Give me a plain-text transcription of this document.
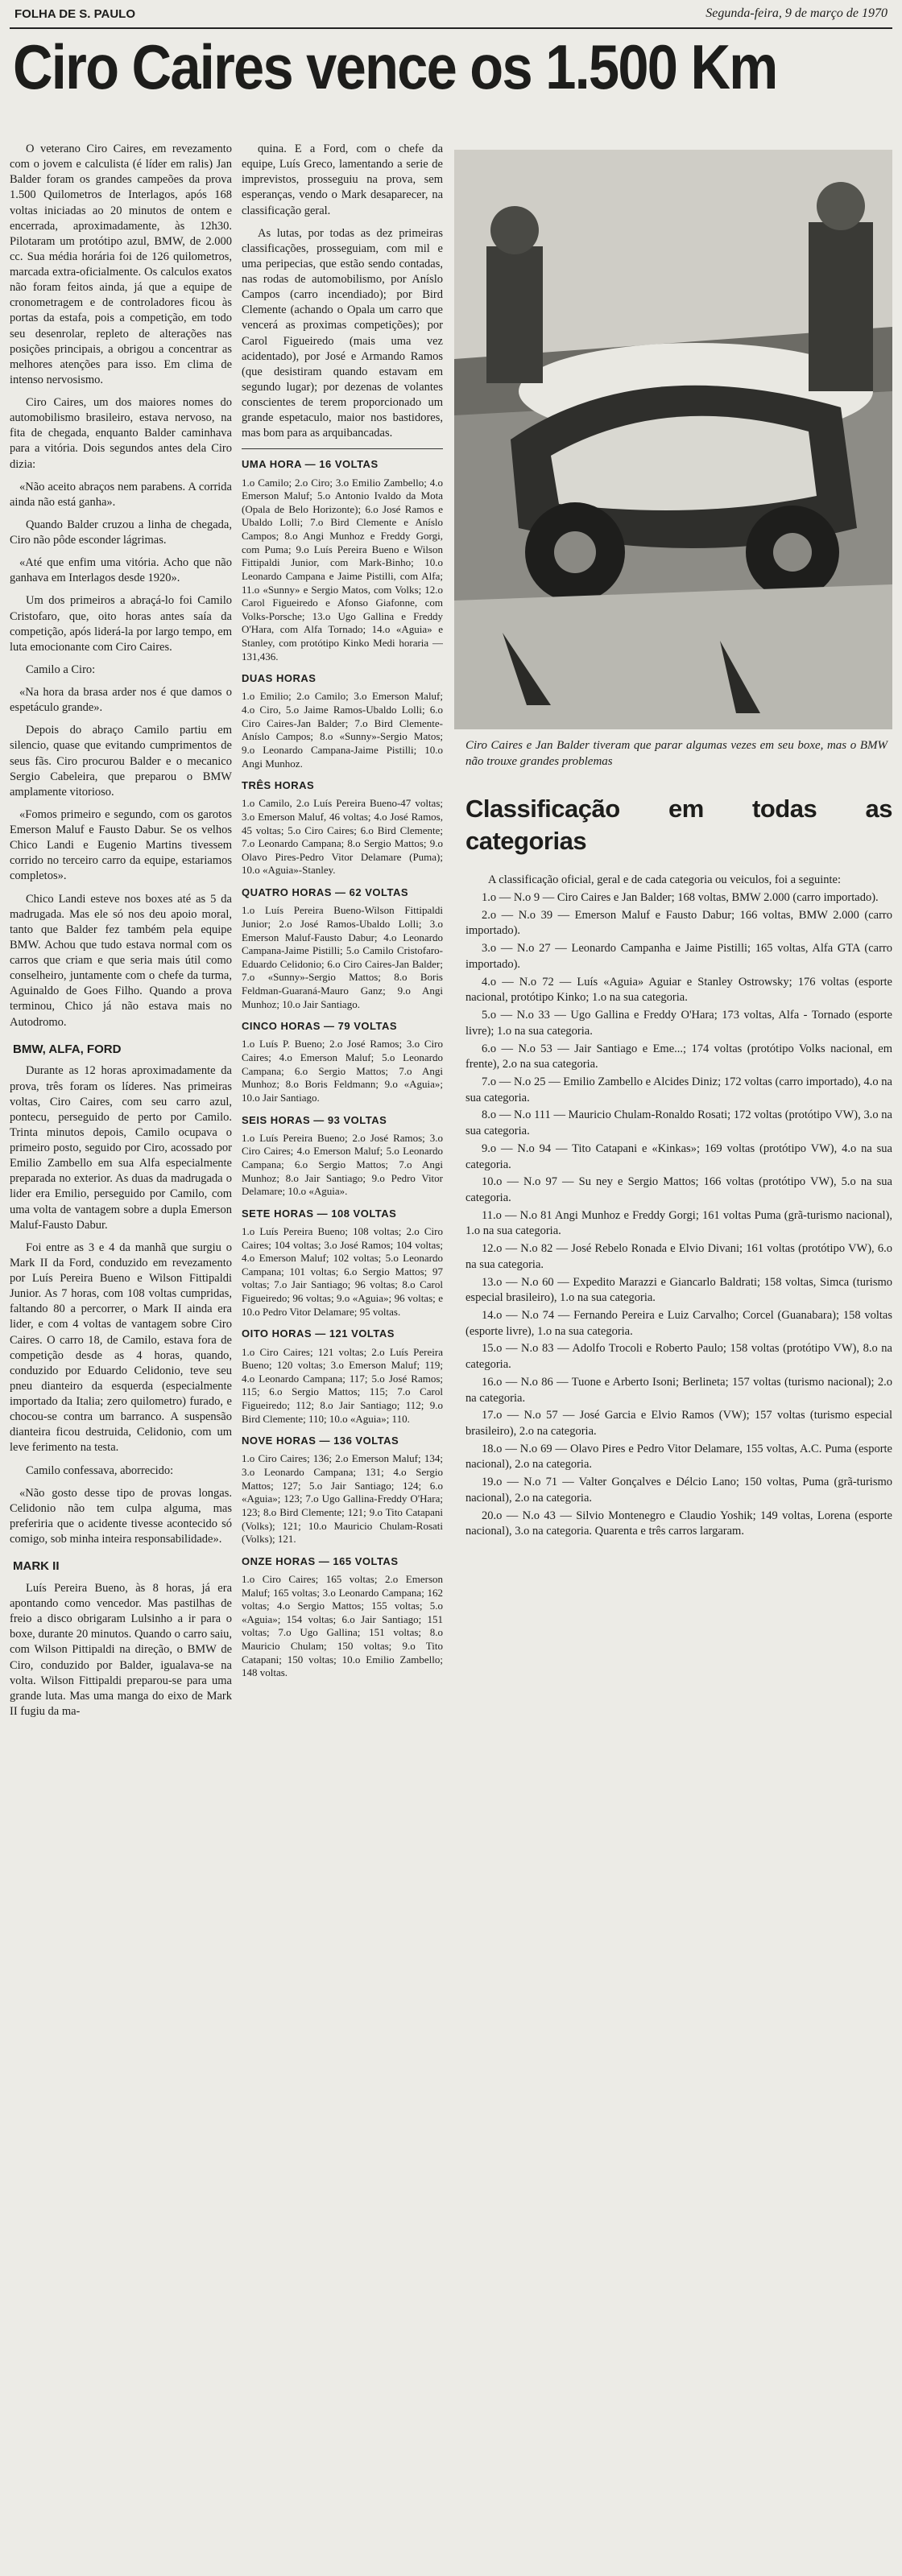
FOLHA DE S. PAULO	Segunda-feira, 9 de março de 1970
Ciro Caires vence os 1.500 Km

O veterano Ciro Caires, em revezamento com o jovem e calculista (é líder em ralis) Jan Balder foram os grandes campeões da prova 1.500 Quilometros de Interlagos, após 168 voltas iniciadas ao 20 minutos de ontem e encerrada, aproximadamente, às 12h30. Pilotaram um protótipo azul, BMW, de 2.000 cc. Sua média horária foi de 126 quilometros, marcada extra-oficialmente. Os calculos exatos não foram feitos ainda, já que a equipe de cronometragem e de controladores ficou às portas da estafa, pois a competição, em todo seu desenrolar, repleto de alterações nas posições principais, a obrigou a concentrar as melhores atenções para isso. Em clima de intenso nervosismo.

Ciro Caires, um dos maiores nomes do automobilismo brasileiro, estava nervoso, na fita de chegada, enquanto Balder caminhava para a vitória. Dois segundos antes dela Ciro dizia:

«Não aceito abraços nem parabens. A corrida ainda não está ganha».

Quando Balder cruzou a linha de chegada, Ciro não pôde esconder lágrimas.

«Até que enfim uma vitória. Acho que não ganhava em Interlagos desde 1920».

Um dos primeiros a abraçá-lo foi Camilo Cristofaro, que, oito horas antes saía da competição, após liderá-la por largo tempo, em luta emocionante com Ciro Caires.

Camilo a Ciro:

«Na hora da brasa arder nos é que damos o espetáculo grande».

Depois do abraço Camilo partiu em silencio, quase que evitando cumprimentos de seus fãs. Ciro procurou Balder e o mecanico Sergio Cabeleira, que preparou o BMW amplamente vitorioso.

«Fomos primeiro e segundo, com os garotos Emerson Maluf e Fausto Dabur. Se os velhos Chico Landi e Eugenio Martins tivessem corrido no terceiro carro da equipe, estariamos completos».

Chico Landi esteve nos boxes até as 5 da madrugada. Mas ele só nos deu apoio moral, tanto que Balder fez também pela equipe BMW. Achou que tudo estava normal com os carros que criam e que seria mais útil como conselheiro, juntamente com o chefe da turma, Aguinaldo de Goes Filho. Quando a prova terminou, Chico já não estava mais no Autodromo.

BMW, ALFA, FORD

Durante as 12 horas aproximadamente da prova, três foram os líderes. Nas primeiras voltas, Ciro Caires, com seu carro azul, pontecu, perseguido de perto por Camilo. Trinta minutos depois, Camilo ocupava o primeiro posto, seguido por Ciro, acossado por Emilio Zambello em sua Alfa especialmente preparada no exterior. As duas da madrugada o lider era Emilio, perseguido por Camilo, com uma volta de vantagem sobre a dupla Emerson Maluf-Fausto Dabur.

Foi entre as 3 e 4 da manhã que surgiu o Mark II da Ford, conduzido em revezamento por Luís Pereira Bueno e Wilson Fittipaldi Junior. As 7 horas, com 108 voltas cumpridas, faltando 80 a percorrer, o Mark II ainda era lider, e com 4 voltas de vantagem sobre Ciro Caires. O carro 18, de Camilo, estava fora de competição desde as 4 horas, quando, conduzido por Eduardo Celidonio, teve seu pneu dianteiro da esquerda (especialmente importado da Italia; zero quilometro) furado, e chocou-se contra um barranco. A suspensão dianteira ficou destruida, Celidonio, com um leve ferimento na testa.

Camilo confessava, aborrecido:

«Não gosto desse tipo de provas longas. Celidonio não tem culpa alguma, mas preferiria que o acidente tivesse acontecido só comigo, sob minha inteira responsabilidade».

MARK II

Luís Pereira Bueno, às 8 horas, já era apontando como vencedor. Mas pastilhas de freio a disco obrigaram Lulsinho a ir para o boxe, durante 20 minutos. Quando o carro saiu, com Wilson Pittipaldi na direção, o BMW de Ciro, conduzido por Balder, igualava-se na volta. Wilson Fittipaldi preparou-se para uma grande luta. Mas uma manga do eixo de Mark II fugiu da ma-

quina. E a Ford, com o chefe da equipe, Luís Greco, lamentando a serie de imprevistos, prosseguiu na prova, sem esperanças, vendo o Mark desaparecer, na classificação geral.

As lutas, por todas as dez primeiras classificações, prosseguiam, com mil e uma peripecias, que estão sendo contadas, nas rodas de automobilismo, por Aníslo Campos (carro incendiado); por Bird Clemente (achando o Opala um carro que vencerá as proximas competições); por Carol Figueiredo (mais uma vez acidentado), por José e Armando Ramos (que desistiram quando estavam em segundo lugar); por dezenas de volantes conscientes de terem proporcionado um grande espetaculo, maior nos bastidores, mas bom para as arquibancadas.

UMA HORA — 16 VOLTAS
1.o Camilo; 2.o Ciro; 3.o Emilio Zambello; 4.o Emerson Maluf; 5.o Antonio Ivaldo da Mota (Opala de Belo Horizonte); 6.o José Ramos e Ubaldo Lolli; 7.o Bird Clemente e Aníslo Campos; 8.o Angi Munhoz e Freddy Gorgi, com Puma; 9.o Luís Pereira Bueno e Wilson Fittipaldi Junior, com Mark-Binho; 10.o Leonardo Campana e Jaime Pistilli, com Alfa; 11.o «Sunny» e Sergio Matos, com Volks; 12.o Carol Figueiredo e Afonso Giafonne, com Volks-Porsche; 13.o Ugo Gallina e Freddy O'Hara, com Alfa Tornado; 14.o «Aguia» e Stanley, com protótipo Kinko Medi horaria — 131,436.
DUAS HORAS
1.o Emilio; 2.o Camilo; 3.o Emerson Maluf; 4.o Ciro, 5.o Jaime Ramos-Ubaldo Lolli; 6.o Ciro Caires-Jan Balder; 7.o Bird Clemente-Aníslo Campos; 8.o «Sunny»-Sergio Matos; 9.o Leonardo Campana-Jaime Pistilli; 10.o Angi Munhoz.
TRÊS HORAS
1.o Camilo, 2.o Luís Pereira Bueno-47 voltas; 3.o Emerson Maluf, 46 voltas; 4.o José Ramos, 45 voltas; 5.o Ciro Caires; 6.o Bird Clemente; 7.o Leonardo Campana; 8.o Sergio Mattos; 9.o Olavo Pires-Pedro Vitor Delamare (Puma); 10.o «Aguia»-Stanley.
QUATRO HORAS — 62 VOLTAS
1.o Luís Pereira Bueno-Wilson Fittipaldi Junior; 2.o José Ramos-Ubaldo Lolli; 3.o Emerson Maluf-Fausto Dabur; 4.o Leonardo Campana-Jaime Pistilli; 5.o Camilo Cristofaro-Eduardo Celidonio; 6.o Ciro Caires-Jan Balder; 7.o «Sunny»-Sergio Mattos; 8.o Boris Feldman-Guaraná-Mauro Ganz; 9.o Angi Munhoz; 10.o Jair Santiago.
CINCO HORAS — 79 VOLTAS
1.o Luís P. Bueno; 2.o José Ramos; 3.o Ciro Caires; 4.o Emerson Maluf; 5.o Leonardo Campana; 6.o Sergio Mattos; 7.o Angi Munhoz; 8.o Boris Feldmann; 9.o «Aguia»; 10.o Jair Santiago.
SEIS HORAS — 93 VOLTAS
1.o Luís Pereira Bueno; 2.o José Ramos; 3.o Ciro Caires; 4.o Emerson Maluf; 5.o Leonardo Campana; 6.o Sergio Mattos; 7.o Angi Munhoz; 8.o Jair Santiago; 9.o Pedro Vitor Delamare; 10.o «Aguia».
SETE HORAS — 108 VOLTAS
1.o Luís Pereira Bueno; 108 voltas; 2.o Ciro Caires; 104 voltas; 3.o José Ramos; 104 voltas; 4.o Emerson Maluf; 102 voltas; 5.o Leonardo Campana; 101 voltas; 6.o Sergio Mattos; 97 voltas; 7.o Jair Santiago; 96 voltas; 8.o Carol Figueiredo; 96 voltas; 9.o «Aguia»; 96 voltas; e 10.o Pedro Vitor Delamare; 95 voltas.
OITO HORAS — 121 VOLTAS
1.o Ciro Caires; 121 voltas; 2.o Luís Pereira Bueno; 120 voltas; 3.o Emerson Maluf; 119; 4.o Leonardo Campana; 117; 5.o José Ramos; 115; 6.o Sergio Mattos; 115; 7.o Carol Figueiredo; 112; 8.o Jair Santiago; 112; 9.o Bird Clemente; 110; 10.o «Aguia»; 110.
NOVE HORAS — 136 VOLTAS
1.o Ciro Caires; 136; 2.o Emerson Maluf; 134; 3.o Leonardo Campana; 131; 4.o Sergio Mattos; 127; 5.o Jair Santiago; 124; 6.o «Aguia»; 123; 7.o Ugo Gallina-Freddy O'Hara; 123; 8.o Bird Clemente; 121; 9.o Tito Catapani (Volks); 121; 10.o Mauricio Chulam-Rosati (Volks); 121.
ONZE HORAS — 165 VOLTAS
1.o Ciro Caires; 165 voltas; 2.o Emerson Maluf; 165 voltas; 3.o Leonardo Campana; 162 voltas; 4.o Sergio Mattos; 155 voltas; 5.o «Aguia»; 154 voltas; 6.o Jair Santiago; 151 voltas; 7.o Ugo Gallina; 151 voltas; 8.o Mauricio Chulam; 150 voltas; 9.o Tito Catapani; 150 voltas; 10.o Emilio Zambello; 148 voltas.
Ciro Caires e Jan Balder tiveram que parar algumas vezes em seu boxe, mas o BMW não trouxe grandes problemas
Classificação em todas as categorias

A classificação oficial, geral e de cada categoria ou veiculos, foi a seguinte:

1.o — N.o 9 — Ciro Caires e Jan Balder; 168 voltas, BMW 2.000 (carro importado).

2.o — N.o 39 — Emerson Maluf e Fausto Dabur; 166 voltas, BMW 2.000 (carro importado).

3.o — N.o 27 — Leonardo Campanha e Jaime Pistilli; 165 voltas, Alfa GTA (carro importado).

4.o — N.o 72 — Luís «Aguia» Aguiar e Stanley Ostrowsky; 176 voltas (esporte nacional, protótipo Kinko; 1.o na sua categoria.

5.o — N.o 33 — Ugo Gallina e Freddy O'Hara; 173 voltas, Alfa - Tornado (esporte livre); 1.o na sua categoria.

6.o — N.o 53 — Jair Santiago e Eme...; 174 voltas (protótipo Volks nacional, em frente), 2.o na sua categoria.

7.o — N.o 25 — Emilio Zambello e Alcides Diniz; 172 voltas (carro importado), 4.o na sua categoria.

8.o — N.o 111 — Mauricio Chulam-Ronaldo Rosati; 172 voltas (protótipo VW), 3.o na sua categoria.

9.o — N.o 94 — Tito Catapani e «Kinkas»; 169 voltas (protótipo VW), 4.o na sua categoria.

10.o — N.o 97 — Su ney e Sergio Mattos; 166 voltas (protótipo VW), 5.o na sua categoria.

11.o — N.o 81 Angi Munhoz e Freddy Gorgi; 161 voltas Puma (grã-turismo nacional), 1.o na sua categoria.

12.o — N.o 82 — José Rebelo Ronada e Elvio Divani; 161 voltas (protótipo VW), 6.o na sua categoria.

13.o — N.o 60 — Expedito Marazzi e Giancarlo Baldrati; 158 voltas, Simca (turismo especial brasileiro), 1.o na sua categoria.

14.o — N.o 74 — Fernando Pereira e Luiz Carvalho; Corcel (Guanabara); 158 voltas (esporte livre), 1.o na sua categoria.

15.o — N.o 83 — Adolfo Trocoli e Roberto Paulo; 158 voltas (protótipo VW), 8.o na categoria.

16.o — N.o 86 — Tuone e Arberto Isoni; Berlineta; 157 voltas (turismo nacional); 2.o na categoria.

17.o — N.o 57 — José Garcia e Elvio Ramos (VW); 157 voltas (turismo especial brasileiro), 2.o na categoria.

18.o — N.o 69 — Olavo Pires e Pedro Vitor Delamare, 155 voltas, A.C. Puma (esporte nacional), 2.o na categoria.

19.o — N.o 71 — Valter Gonçalves e Délcio Lano; 150 voltas, Puma (grã-turismo nacional), 2.o na categoria.

20.o — N.o 43 — Silvio Montenegro e Claudio Yoshik; 149 voltas, Lorena (esporte nacional), 3.o na categoria. Quarenta e três carros largaram.
